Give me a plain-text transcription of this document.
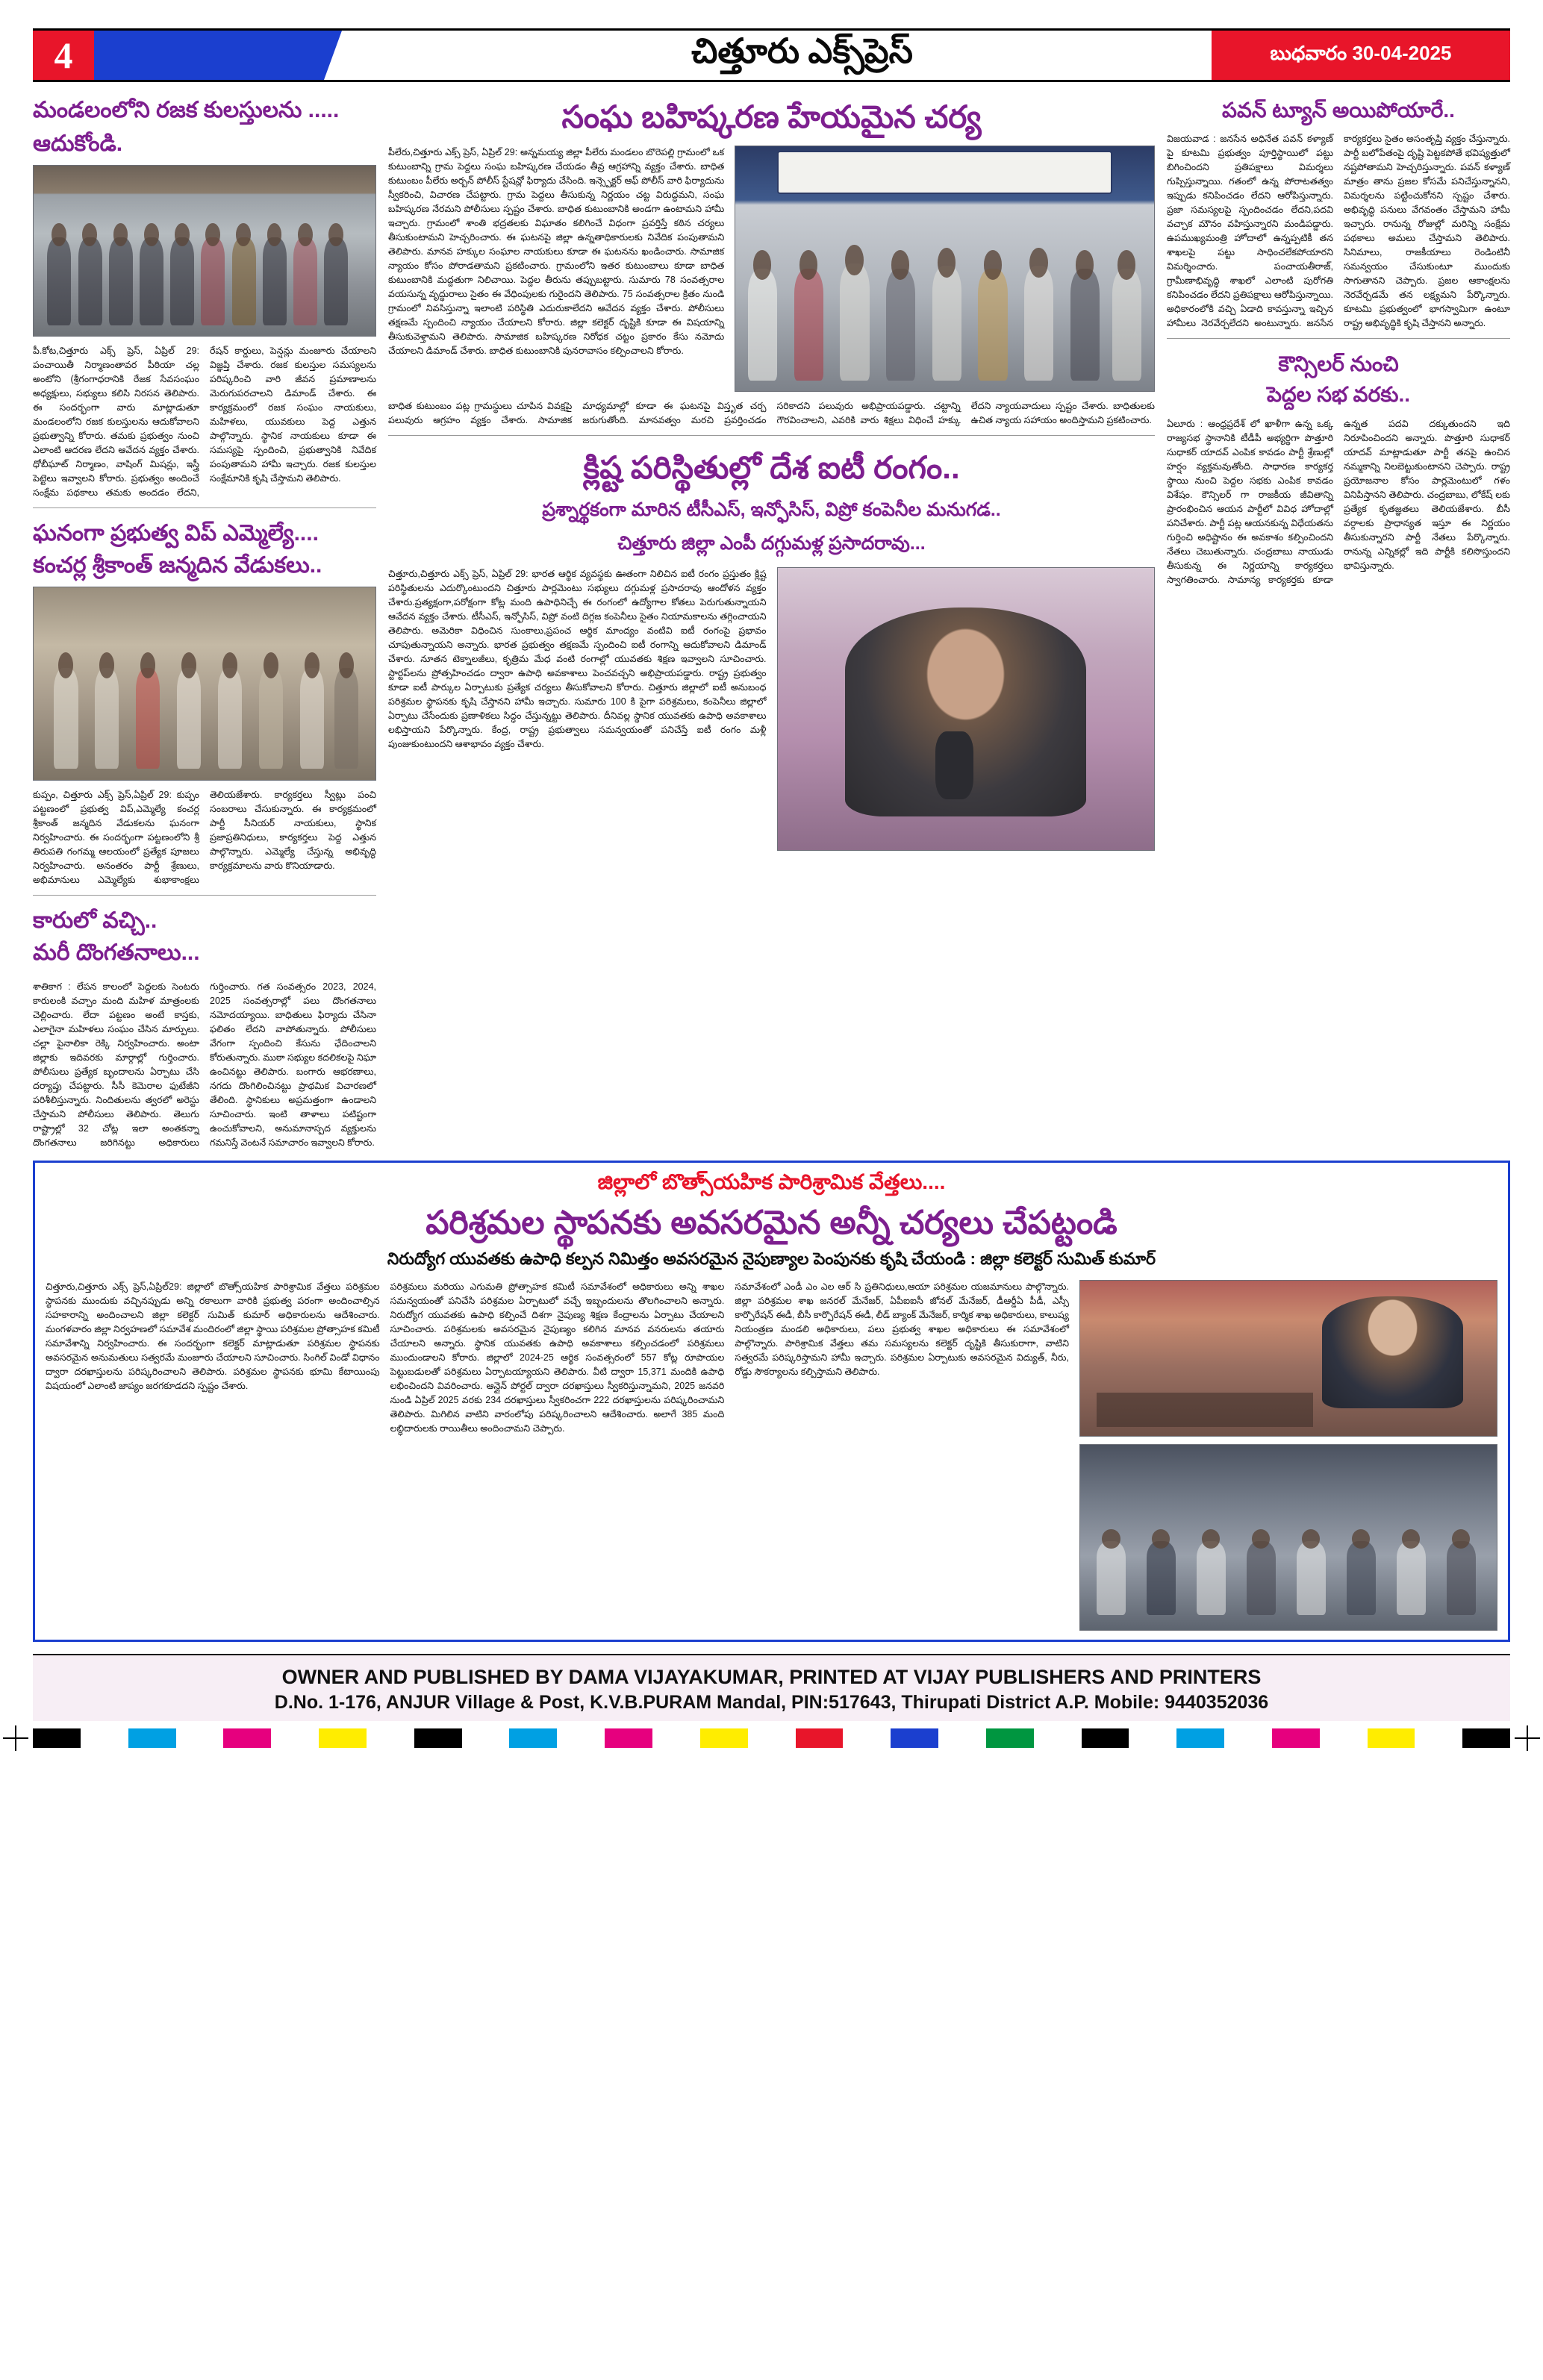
4	చిత్తూరు ఎక్స్‌ప్రెస్	బుధవారం 30-04-2025
మండలంలోని రజక కులస్తులను .....
ఆదుకోండి.
పీ.కోట,చిత్తూరు ఎక్స్ ప్రెస్, ఏప్రిల్ 29: పంచాయితీ నిర్మాణంతావర పీఠియా చల్ల అంటోని (శ్రీగంగాధరానికి రేజక సేవసంఘం అధ్యక్షులు, సభ్యులు కలిసి నిరసన తెలిపారు. ఈ సందర్భంగా వారు మాట్లాడుతూ మండలంలోని రజక కులస్తులను ఆదుకోవాలని ప్రభుత్వాన్ని కోరారు. తమకు ప్రభుత్వం నుంచి ఎలాంటి ఆదరణ లేదని ఆవేదన వ్యక్తం చేశారు. ధోబీఘాట్ నిర్మాణం, వాషింగ్ మిషన్లు, ఇస్త్రీ పెట్టెలు ఇవ్వాలని కోరారు. ప్రభుత్వం అందించే సంక్షేమ పథకాలు తమకు అందడం లేదని, రేషన్ కార్డులు, పెన్షన్లు మంజూరు చేయాలని విజ్ఞప్తి చేశారు. రజక కులస్తుల సమస్యలను పరిష్కరించి వారి జీవన ప్రమాణాలను మెరుగుపరచాలని డిమాండ్ చేశారు. ఈ కార్యక్రమంలో రజక సంఘం నాయకులు, మహిళలు, యువకులు పెద్ద ఎత్తున పాల్గొన్నారు. స్థానిక నాయకులు కూడా ఈ సమస్యపై స్పందించి, ప్రభుత్వానికి నివేదిక పంపుతామని హామీ ఇచ్చారు. రజక కులస్తుల సంక్షేమానికి కృషి చేస్తామని తెలిపారు.
ఘనంగా ప్రభుత్వ విప్ ఎమ్మెల్యే....
కంచర్ల శ్రీకాంత్ జన్మదిన వేడుకలు..
కుప్పం, చిత్తూరు ఎక్స్ ప్రెస్,ఏప్రిల్ 29: కుప్పం పట్టణంలో ప్రభుత్వ విప్,ఎమ్మెల్యే కంచర్ల శ్రీకాంత్ జన్మదిన వేడుకలను ఘనంగా నిర్వహించారు. ఈ సందర్భంగా పట్టణంలోని శ్రీ తిరుపతి గంగమ్మ ఆలయంలో ప్రత్యేక పూజలు నిర్వహించారు. అనంతరం పార్టీ శ్రేణులు, అభిమానులు ఎమ్మెల్యేకు శుభాకాంక్షలు తెలియజేశారు. కార్యకర్తలు స్వీట్లు పంచి సంబరాలు చేసుకున్నారు. ఈ కార్యక్రమంలో పార్టీ సీనియర్ నాయకులు, స్థానిక ప్రజాప్రతినిధులు, కార్యకర్తలు పెద్ద ఎత్తున పాల్గొన్నారు. ఎమ్మెల్యే చేస్తున్న అభివృద్ధి కార్యక్రమాలను వారు కొనియాడారు.
కారులో వచ్చి..
మరీ దొంగతనాలు...
శాతికాగ : లేపన కాలంలో పెద్దలకు సెంటరు కారులంకి వచ్చాం మంది మహిళ మాత్రంలకు చెల్లించారు. లేదా పట్టణం అంటే కాస్తకు, ఎలాగైనా మహిళలు సంఘం చేసిన మార్పులు. చల్లా పైనాలికా రెక్కి నిర్వహించారు. అంటా జిల్లాకు ఇదివరకు మార్గాల్లో గుర్తించారు. పోలీసులు ప్రత్యేక బృందాలను ఏర్పాటు చేసి దర్యాప్తు చేపట్టారు. సీసీ కెమెరాల ఫుటేజీని పరిశీలిస్తున్నారు. నిందితులను త్వరలో అరెస్టు చేస్తామని పోలీసులు తెలిపారు. తెలుగు రాష్ట్రాల్లో 32 చోట్ల ఇలా అంతకన్నా దొంగతనాలు జరిగినట్టు అధికారులు గుర్తించారు. గత సంవత్సరం 2023, 2024, 2025 సంవత్సరాల్లో పలు దొంగతనాలు నమోదయ్యాయి. బాధితులు ఫిర్యాదు చేసినా ఫలితం లేదని వాపోతున్నారు. పోలీసులు వేగంగా స్పందించి కేసును ఛేదించాలని కోరుతున్నారు. ముఠా సభ్యుల కదలికలపై నిఘా ఉంచినట్టు తెలిపారు. బంగారు ఆభరణాలు, నగదు దొంగిలించినట్టు ప్రాథమిక విచారణలో తేలింది. స్థానికులు అప్రమత్తంగా ఉండాలని సూచించారు. ఇంటి తాళాలు పటిష్టంగా ఉంచుకోవాలని, అనుమానాస్పద వ్యక్తులను గమనిస్తే వెంటనే సమాచారం ఇవ్వాలని కోరారు.
సంఘ బహిష్కరణ హేయమైన చర్య
పీలేరు,చిత్తూరు ఎక్స్ ప్రెస్, ఏప్రిల్ 29: అన్నమయ్య జిల్లా పీలేరు మండలం బొరెపల్లి గ్రామంలో ఒక కుటుంబాన్ని గ్రామ పెద్దలు సంఘ బహిష్కరణ చేయడం తీవ్ర ఆగ్రహాన్ని వ్యక్తం చేశారు. బాధిత కుటుంబం పీలేరు అర్బన్ పోలీస్ స్టేషన్లో ఫిర్యాదు చేసింది. ఇన్స్పెక్టర్ ఆఫ్ పోలీస్ వారి ఫిర్యాదును స్వీకరించి, విచారణ చేపట్టారు. గ్రామ పెద్దలు తీసుకున్న నిర్ణయం చట్ట విరుద్ధమని, సంఘ బహిష్కరణ నేరమని పోలీసులు స్పష్టం చేశారు. బాధిత కుటుంబానికి అండగా ఉంటామని హామీ ఇచ్చారు. గ్రామంలో శాంతి భద్రతలకు విఘాతం కలిగించే విధంగా ప్రవర్తిస్తే కఠిన చర్యలు తీసుకుంటామని హెచ్చరించారు. ఈ ఘటనపై జిల్లా ఉన్నతాధికారులకు నివేదిక పంపుతామని తెలిపారు. మానవ హక్కుల సంఘాల నాయకులు కూడా ఈ ఘటనను ఖండించారు. సామాజిక న్యాయం కోసం పోరాడతామని ప్రకటించారు. గ్రామంలోని ఇతర కుటుంబాలు కూడా బాధిత కుటుంబానికి మద్దతుగా నిలిచాయి. పెద్దల తీరును తప్పుబట్టారు. సుమారు 78 సంవత్సరాల వయసున్న వృద్ధురాలు సైతం ఈ వేధింపులకు గురైందని తెలిపారు. 75 సంవత్సరాల క్రితం నుండి గ్రామంలో నివసిస్తున్నా ఇలాంటి పరిస్థితి ఎదురుకాలేదని ఆవేదన వ్యక్తం చేశారు. పోలీసులు తక్షణమే స్పందించి న్యాయం చేయాలని కోరారు. జిల్లా కలెక్టర్ దృష్టికి కూడా ఈ విషయాన్ని తీసుకువెళ్తామని తెలిపారు. సామాజిక బహిష్కరణ నిరోధక చట్టం ప్రకారం కేసు నమోదు చేయాలని డిమాండ్ చేశారు. బాధిత కుటుంబానికి పునరావాసం కల్పించాలని కోరారు.
బాధిత కుటుంబం పట్ల గ్రామస్థులు చూపిన వివక్షపై పలువురు ఆగ్రహం వ్యక్తం చేశారు. సామాజిక మాధ్యమాల్లో కూడా ఈ ఘటనపై విస్తృత చర్చ జరుగుతోంది. మానవత్వం మరచి ప్రవర్తించడం సరికాదని పలువురు అభిప్రాయపడ్డారు. చట్టాన్ని గౌరవించాలని, ఎవరికి వారు శిక్షలు విధించే హక్కు లేదని న్యాయవాదులు స్పష్టం చేశారు. బాధితులకు ఉచిత న్యాయ సహాయం అందిస్తామని ప్రకటించారు.
క్లిష్ట పరిస్థితుల్లో దేశ ఐటీ రంగం..
ప్రశ్నార్థకంగా మారిన టీసీఎస్, ఇన్ఫోసిస్, విప్రో కంపెనీల మనుగడ..
చిత్తూరు జిల్లా ఎంపీ దగ్గుమళ్ల ప్రసాదరావు...
చిత్తూరు,చిత్తూరు ఎక్స్ ప్రెస్, ఏప్రిల్ 29: భారత ఆర్థిక వ్యవస్థకు ఊతంగా నిలిచిన ఐటీ రంగం ప్రస్తుతం క్లిష్ట పరిస్థితులను ఎదుర్కొంటుందని చిత్తూరు పార్లమెంటు సభ్యులు దగ్గుమళ్ల ప్రసాదరావు ఆందోళన వ్యక్తం చేశారు.ప్రత్యక్షంగా,పరోక్షంగా కోట్ల మంది ఉపాధినిచ్చే ఈ రంగంలో ఉద్యోగాల కోతలు పెరుగుతున్నాయని ఆవేదన వ్యక్తం చేశారు. టీసీఎస్, ఇన్ఫోసిస్, విప్రో వంటి దిగ్గజ కంపెనీలు సైతం నియామకాలను తగ్గించాయని తెలిపారు. అమెరికా విధించిన సుంకాలు,ప్రపంచ ఆర్థిక మాంద్యం వంటివి ఐటీ రంగంపై ప్రభావం చూపుతున్నాయని అన్నారు. భారత ప్రభుత్వం తక్షణమే స్పందించి ఐటీ రంగాన్ని ఆదుకోవాలని డిమాండ్ చేశారు. నూతన టెక్నాలజీలు, కృత్రిమ మేధ వంటి రంగాల్లో యువతకు శిక్షణ ఇవ్వాలని సూచించారు. స్టార్టప్‌లను ప్రోత్సహించడం ద్వారా ఉపాధి అవకాశాలు పెంచవచ్చని అభిప్రాయపడ్డారు. రాష్ట్ర ప్రభుత్వం కూడా ఐటీ పార్కుల ఏర్పాటుకు ప్రత్యేక చర్యలు తీసుకోవాలని కోరారు. చిత్తూరు జిల్లాలో ఐటీ అనుబంధ పరిశ్రమల స్థాపనకు కృషి చేస్తానని హామీ ఇచ్చారు. సుమారు 100 కి పైగా పరిశ్రమలు, కంపెనీలు జిల్లాలో ఏర్పాటు చేసేందుకు ప్రణాళికలు సిద్ధం చేస్తున్నట్టు తెలిపారు. దీనివల్ల స్థానిక యువతకు ఉపాధి అవకాశాలు లభిస్తాయని పేర్కొన్నారు. కేంద్ర, రాష్ట్ర ప్రభుత్వాలు సమన్వయంతో పనిచేస్తే ఐటీ రంగం మళ్లీ పుంజుకుంటుందని ఆశాభావం వ్యక్తం చేశారు.
పవన్ ట్యూన్ అయిపోయారే..
విజయవాడ : జనసేన అధినేత పవన్ కళ్యాణ్ పై కూటమి ప్రభుత్వం పూర్తిస్థాయిలో పట్టు బిగించిందని ప్రతిపక్షాలు విమర్శలు గుప్పిస్తున్నాయి. గతంలో ఉన్న పోరాటతత్వం ఇప్పుడు కనిపించడం లేదని ఆరోపిస్తున్నారు. ప్రజా సమస్యలపై స్పందించడం లేదని,పదవి వచ్చాక మౌనం వహిస్తున్నారని మండిపడ్డారు. ఉపముఖ్యమంత్రి హోదాలో ఉన్నప్పటికీ తన శాఖలపై పట్టు సాధించలేకపోయారని విమర్శించారు. పంచాయతీరాజ్, గ్రామీణాభివృద్ధి శాఖలో ఎలాంటి పురోగతి కనిపించడం లేదని ప్రతిపక్షాలు ఆరోపిస్తున్నాయి. అధికారంలోకి వచ్చి ఏడాది కావస్తున్నా ఇచ్చిన హామీలు నెరవేర్చలేదని అంటున్నారు. జనసేన కార్యకర్తలు సైతం అసంతృప్తి వ్యక్తం చేస్తున్నారు. పార్టీ బలోపేతంపై దృష్టి పెట్టకపోతే భవిష్యత్తులో నష్టపోతామని హెచ్చరిస్తున్నారు. పవన్ కళ్యాణ్ మాత్రం తాను ప్రజల కోసమే పనిచేస్తున్నానని, విమర్శలను పట్టించుకోనని స్పష్టం చేశారు. అభివృద్ధి పనులు వేగవంతం చేస్తామని హామీ ఇచ్చారు. రానున్న రోజుల్లో మరిన్ని సంక్షేమ పథకాలు అమలు చేస్తామని తెలిపారు. సినిమాలు, రాజకీయాలు రెండింటినీ సమన్వయం చేసుకుంటూ ముందుకు సాగుతానని చెప్పారు. ప్రజల ఆకాంక్షలను నెరవేర్చడమే తన లక్ష్యమని పేర్కొన్నారు. కూటమి ప్రభుత్వంలో భాగస్వామిగా ఉంటూ రాష్ట్ర అభివృద్ధికి కృషి చేస్తానని అన్నారు.
కౌన్సిలర్ నుంచి
పెద్దల సభ వరకు..
ఏలూరు : ఆంధ్రప్రదేశ్ లో ఖాళీగా ఉన్న ఒక్క రాజ్యసభ స్థానానికి టీడీపీ అభ్యర్థిగా పొత్తూరి సుధాకర్ యాదవ్ ఎంపిక కావడం పార్టీ శ్రేణుల్లో హర్షం వ్యక్తమవుతోంది. సాధారణ కార్యకర్త స్థాయి నుంచి పెద్దల సభకు ఎంపిక కావడం విశేషం. కౌన్సిలర్ గా రాజకీయ జీవితాన్ని ప్రారంభించిన ఆయన పార్టీలో వివిధ హోదాల్లో పనిచేశారు. పార్టీ పట్ల ఆయనకున్న విధేయతను గుర్తించి అధిష్టానం ఈ అవకాశం కల్పించిందని నేతలు చెబుతున్నారు. చంద్రబాబు నాయుడు తీసుకున్న ఈ నిర్ణయాన్ని కార్యకర్తలు స్వాగతించారు. సామాన్య కార్యకర్తకు కూడా ఉన్నత పదవి దక్కుతుందని ఇది నిరూపించిందని అన్నారు. పొత్తూరి సుధాకర్ యాదవ్ మాట్లాడుతూ పార్టీ తనపై ఉంచిన నమ్మకాన్ని నిలబెట్టుకుంటానని చెప్పారు. రాష్ట్ర ప్రయోజనాల కోసం పార్లమెంటులో గళం వినిపిస్తానని తెలిపారు. చంద్రబాబు, లోకేష్ లకు ప్రత్యేక కృతజ్ఞతలు తెలియజేశారు. బీసీ వర్గాలకు ప్రాధాన్యత ఇస్తూ ఈ నిర్ణయం తీసుకున్నారని పార్టీ నేతలు పేర్కొన్నారు. రానున్న ఎన్నికల్లో ఇది పార్టీకి కలిసొస్తుందని భావిస్తున్నారు.
జిల్లాలో బొత్సా్యహిక పారిశ్రామిక వేత్తలు....
పరిశ్రమల స్థాపనకు అవసరమైన అన్నీ చర్యలు చేపట్టండి
నిరుద్యోగ యువతకు ఉపాధి కల్పన నిమిత్తం అవసరమైన నైపుణ్యాల పెంపునకు కృషి చేయండి : జిల్లా కలెక్టర్ సుమిత్ కుమార్
చిత్తూరు,చిత్తూరు ఎక్స్ ప్రెస్,ఏప్రిల్29: జిల్లాలో బొత్సా్యహిక పారిశ్రామిక వేత్తలు పరిశ్రమల స్థాపనకు ముందుకు వచ్చినప్పుడు అన్ని రకాలుగా వారికి ప్రభుత్వ పరంగా అందించాల్సిన సహకారాన్ని అందించాలని జిల్లా కలెక్టర్ సుమిత్ కుమార్ అధికారులను ఆదేశించారు. మంగళవారం జిల్లా నిర్వహణలో సమావేశ మందిరంలో జిల్లా స్థాయి పరిశ్రమల ప్రోత్సాహక కమిటీ సమావేశాన్ని నిర్వహించారు. ఈ సందర్భంగా కలెక్టర్ మాట్లాడుతూ పరిశ్రమల స్థాపనకు అవసరమైన అనుమతులు సత్వరమే మంజూరు చేయాలని సూచించారు. సింగిల్ విండో విధానం ద్వారా దరఖాస్తులను పరిష్కరించాలని తెలిపారు. పరిశ్రమల స్థాపనకు భూమి కేటాయింపు విషయంలో ఎలాంటి జాప్యం జరగకూడదని స్పష్టం చేశారు.
పరిశ్రమలు మరియు ఎగుమతి ప్రోత్సాహక కమిటీ సమావేశంలో అధికారులు అన్ని శాఖల సమన్వయంతో పనిచేసి పరిశ్రమల ఏర్పాటులో వచ్చే ఇబ్బందులను తొలగించాలని అన్నారు. నిరుద్యోగ యువతకు ఉపాధి కల్పించే దిశగా నైపుణ్య శిక్షణ కేంద్రాలను ఏర్పాటు చేయాలని సూచించారు. పరిశ్రమలకు అవసరమైన నైపుణ్యం కలిగిన మానవ వనరులను తయారు చేయాలని అన్నారు. స్థానిక యువతకు ఉపాధి అవకాశాలు కల్పించడంలో పరిశ్రమలు ముందుండాలని కోరారు. జిల్లాలో 2024-25 ఆర్థిక సంవత్సరంలో 557 కోట్ల రూపాయల పెట్టుబడులతో పరిశ్రమలు ఏర్పాటయ్యాయని తెలిపారు. వీటి ద్వారా 15,371 మందికి ఉపాధి లభించిందని వివరించారు. ఆన్లైన్ పోర్టల్ ద్వారా దరఖాస్తులు స్వీకరిస్తున్నామని, 2025 జనవరి నుండి ఏప్రిల్ 2025 వరకు 234 దరఖాస్తులు స్వీకరించగా 222 దరఖాస్తులను పరిష్కరించామని తెలిపారు. మిగిలిన వాటిని వారంలోపు పరిష్కరించాలని ఆదేశించారు. అలాగే 385 మంది లబ్ధిదారులకు రాయితీలు అందించామని చెప్పారు.
సమావేశంలో ఎండీ ఎం ఎల ఆర్ సి ప్రతినిధులు,ఆయా పరిశ్రమల యజమానులు పాల్గొన్నారు. జిల్లా పరిశ్రమల శాఖ జనరల్ మేనేజర్, ఏపీఐఐసీ జోనల్ మేనేజర్, డీఆర్డీఏ పీడీ, ఎస్సీ కార్పొరేషన్ ఈడీ, బీసీ కార్పొరేషన్ ఈడీ, లీడ్ బ్యాంక్ మేనేజర్, కార్మిక శాఖ అధికారులు, కాలుష్య నియంత్రణ మండలి అధికారులు, పలు ప్రభుత్వ శాఖల అధికారులు ఈ సమావేశంలో పాల్గొన్నారు. పారిశ్రామిక వేత్తలు తమ సమస్యలను కలెక్టర్ దృష్టికి తీసుకురాగా, వాటిని సత్వరమే పరిష్కరిస్తామని హామీ ఇచ్చారు. పరిశ్రమల ఏర్పాటుకు అవసరమైన విద్యుత్, నీరు, రోడ్డు సౌకర్యాలను కల్పిస్తామని తెలిపారు.
OWNER AND PUBLISHED BY DAMA VIJAYAKUMAR, PRINTED AT VIJAY PUBLISHERS AND PRINTERS
D.No. 1-176, ANJUR Village & Post, K.V.B.PURAM Mandal, PIN:517643, Thirupati District A.P. Mobile: 9440352036
